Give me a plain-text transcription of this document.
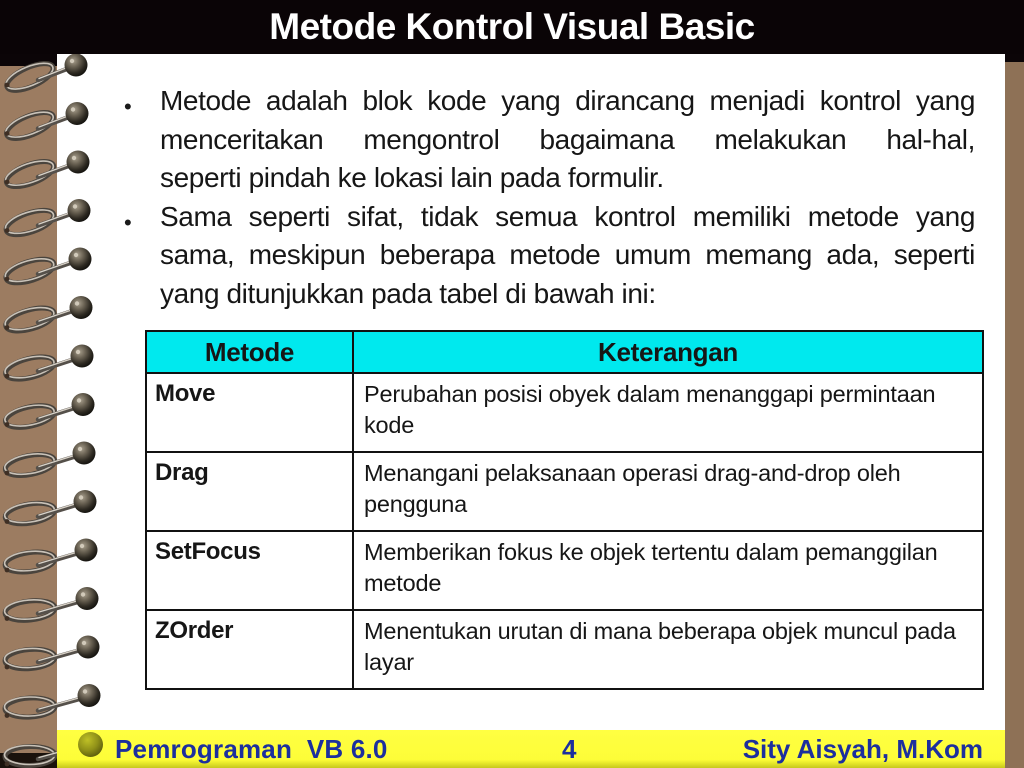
Metode Kontrol Visual Basic
• Metode adalah blok kode yang dirancang menjadi kontrol yang
menceritakan mengontrol bagaimana melakukan hal-hal,
seperti pindah ke lokasi lain pada formulir.
• Sama seperti sifat, tidak semua kontrol memiliki metode yang
sama, meskipun beberapa metode umum memang ada, seperti
yang ditunjukkan pada tabel di bawah ini:
Metode	Keterangan
Move	Perubahan posisi obyek dalam menanggapi permintaan kode
Drag	Menangani pelaksanaan operasi drag-and-drop oleh pengguna
SetFocus	Memberikan fokus ke objek tertentu dalam pemanggilan metode
ZOrder	Menentukan urutan di mana beberapa objek muncul pada layar
Pemrograman  VB 6.0	4	Sity Aisyah, M.Kom
